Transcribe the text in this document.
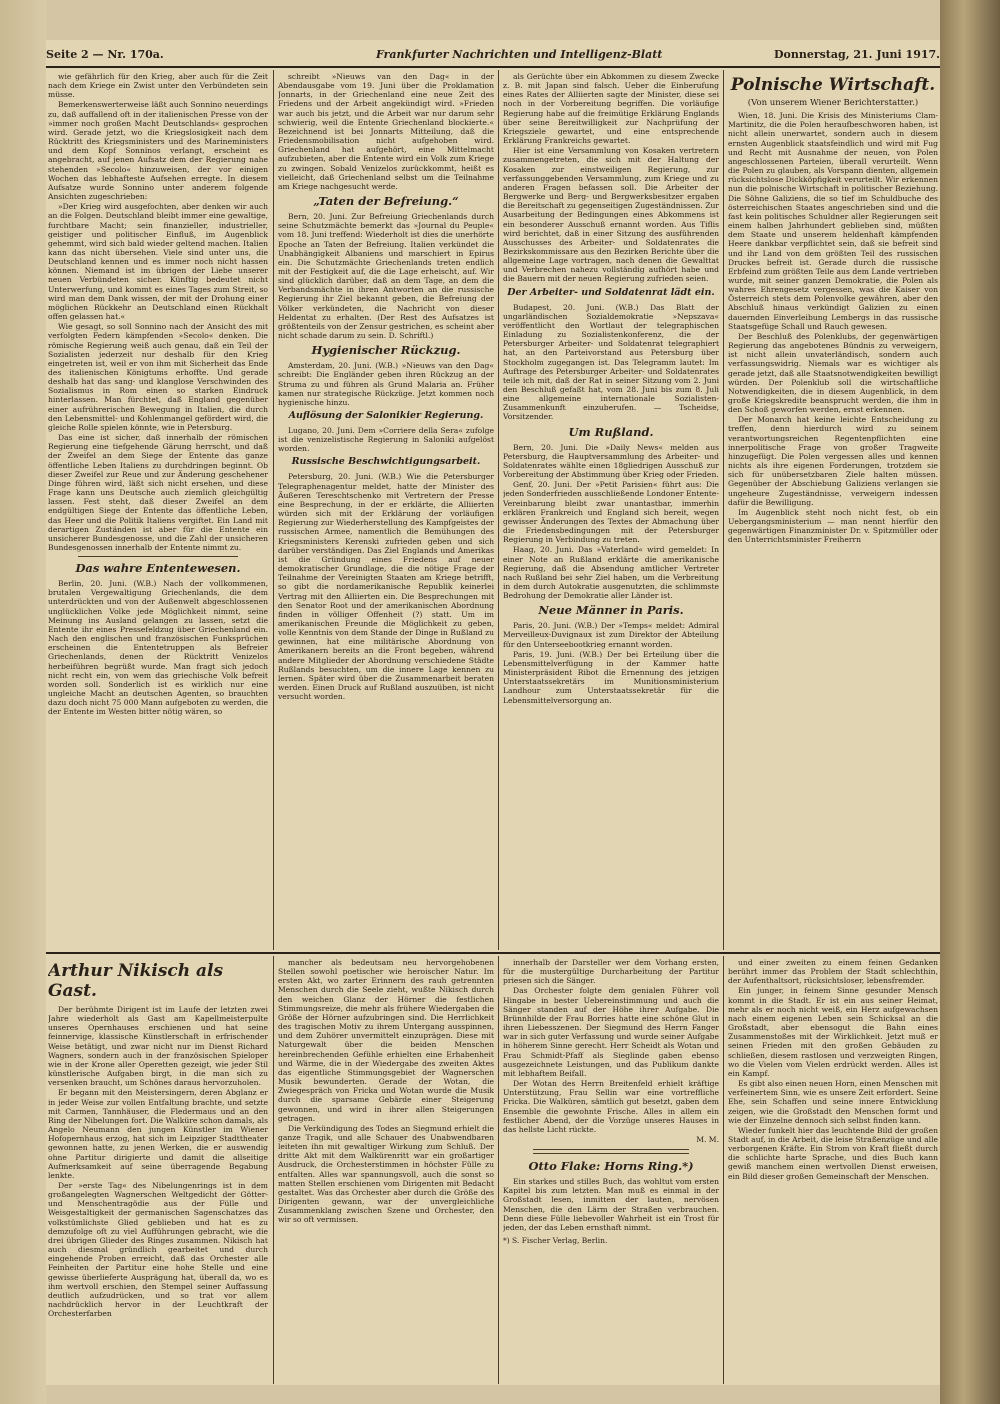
Seite 2 — Nr. 170a.	Frankfurter Nachrichten und Intelligenz-Blatt	Donnerstag, 21. Juni 1917.

wie gefährlich für den Krieg, aber auch für die Zeit nach dem Kriege ein Zwist unter den Verbündeten sein müsse.

Bemerkenswerterweise läßt auch Sonnino neuerdings zu, daß auffallend oft in der italienischen Presse von der »immer noch großen Macht Deutschlands« gesprochen wird. Gerade jetzt, wo die Kriegslosigkeit nach dem Rücktritt des Kriegsministers und des Marineministers und dem Kopf Sonninos verlangt, erscheint es angebracht, auf jenen Aufsatz dem der Regierung nahe stehenden »Secolo« hinzuweisen, der vor einigen Wochen das lebhafteste Aufsehen erregte. In diesem Aufsatze wurde Sonnino unter anderem folgende Ansichten zugeschrieben:

»Der Krieg wird ausgefochten, aber denken wir auch an die Folgen. Deutschland bleibt immer eine gewaltige, furchtbare Macht; sein finanzieller, industrieller, geistiger und politischer Einfluß, im Augenblick gehemmt, wird sich bald wieder geltend machen. Italien kann das nicht übersehen. Viele sind unter uns, die Deutschland kennen und es immer noch nicht hassen können. Niemand ist im übrigen der Liebe unserer neuen Verbündeten sicher. Künftig bedeutet nicht Unterwerfung, und kommt es eines Tages zum Streit, so wird man dem Dank wissen, der mit der Drohung einer möglichen Rückkehr an Deutschland einen Rückhalt offen gelassen hat.«

Wie gesagt, so soll Sonnino nach der Ansicht des mit verfolgten Federn kämpfenden »Secolo« denken. Die römische Regierung weiß auch genau, daß ein Teil der Sozialisten jederzeit nur deshalb für den Krieg eingetreten ist, weil er von ihm mit Sicherheit das Ende des italienischen Königtums erhoffte. Und gerade deshalb hat das sang- und klanglose Verschwinden des Sozialismus in Rom einen so starken Eindruck hinterlassen. Man fürchtet, daß England gegenüber einer aufrührerischen Bewegung in Italien, die durch den Lebensmittel- und Kohlenmangel gefördert wird, die gleiche Rolle spielen könnte, wie in Petersburg.

Das eine ist sicher, daß innerhalb der römischen Regierung eine tiefgehende Gärung herrscht, und daß der Zweifel an dem Siege der Entente das ganze öffentliche Leben Italiens zu durchdringen beginnt. Ob dieser Zweifel zur Reue und zur Änderung geschehener Dinge führen wird, läßt sich nicht ersehen, und diese Frage kann uns Deutsche auch ziemlich gleichgültig lassen. Fest steht, daß dieser Zweifel an dem endgültigen Siege der Entente das öffentliche Leben, das Heer und die Politik Italiens vergiftet. Ein Land mit derartigen Zuständen ist aber für die Entente ein unsicherer Bundesgenosse, und die Zahl der unsicheren Bundesgenossen innerhalb der Entente nimmt zu.

Das wahre Ententewesen.

Berlin, 20. Juni. (W.B.) Nach der vollkommenen, brutalen Vergewaltigung Griechenlands, die dem unterdrückten und von der Außenwelt abgeschlossenen unglücklichen Volke jede Möglichkeit nimmt, seine Meinung ins Ausland gelangen zu lassen, setzt die Entente ihr eines Pressefeldzug über Griechenland ein. Nach den englischen und französischen Funksprüchen erscheinen die Ententetruppen als Befreier Griechenlands, denen der Rücktritt Venizelos herbeiführen begrüßt wurde. Man fragt sich jedoch nicht recht ein, von wem das griechische Volk befreit worden soll. Sonderlich ist es wirklich nur eine ungleiche Macht an deutschen Agenten, so brauchten dazu doch nicht 75 000 Mann aufgeboten zu werden, die der Entente im Westen bitter nötig wären, so

schreibt »Nieuws van den Dag« in der Abendausgabe vom 19. Juni über die Proklamation Jonnarts, in der Griechenland eine neue Zeit des Friedens und der Arbeit angekündigt wird. »Frieden war auch bis jetzt, und die Arbeit war nur darum sehr schwierig, weil die Entente Griechenland blockierte.« Bezeichnend ist bei Jonnarts Mitteilung, daß die Friedensmobilisation nicht aufgehoben wird. Griechenland hat aufgehört, eine Mittelmacht aufzubieten, aber die Entente wird ein Volk zum Kriege zu zwingen. Sobald Venizelos zurückkommt, heißt es vielleicht, daß Griechenland selbst um die Teilnahme am Kriege nachgesucht werde.

„Taten der Befreiung.“

Bern, 20. Juni. Zur Befreiung Griechenlands durch seine Schutzmächte bemerkt das »Journal du Peuple« vom 18. Juni treffend: Wiederholt ist dies die unerhörte Epoche an Taten der Befreiung. Italien verkündet die Unabhängigkeit Albaniens und marschiert in Epirus ein. Die Schutzmächte Griechenlands treten endlich mit der Festigkeit auf, die die Lage erheischt, auf. Wir sind glücklich darüber, daß an dem Tage, an dem die Verbandsmächte in ihren Antworten an die russische Regierung ihr Ziel bekannt geben, die Befreiung der Völker verkündeten, die Nachricht von dieser Heldentat zu erhalten. (Der Rest des Aufsatzes ist größtenteils von der Zensur gestrichen, es scheint aber nicht schade darum zu sein. D. Schriftl.)

Hygienischer Rückzug.

Amsterdam, 20. Juni. (W.B.) »Nieuws van den Dag« schreibt: Die Engländer geben ihren Rückzug an der Struma zu und führen als Grund Malaria an. Früher kamen nur strategische Rückzüge. Jetzt kommen noch hygienische hinzu.

Auflösung der Salonikier Regierung.

Lugano, 20. Juni. Dem »Corriere della Sera« zufolge ist die venizelistische Regierung in Saloniki aufgelöst worden.

Russische Beschwichtigungsarbeit.

Petersburg, 20. Juni. (W.B.) Wie die Petersburger Telegraphenagentur meldet, hatte der Minister des Äußeren Tereschtschenko mit Vertretern der Presse eine Besprechung, in der er erklärte, die Alliierten würden sich mit der Erklärung der vorläufigen Regierung zur Wiederherstellung des Kampfgeistes der russischen Armee, namentlich die Bemühungen des Kriegsministers Kerenski zufrieden geben und sich darüber verständigen. Das Ziel Englands und Amerikas ist die Gründung eines Friedens auf neuer demokratischer Grundlage, die die nötige Frage der Teilnahme der Vereinigten Staaten am Kriege betrifft, so gibt die nordamerikanische Republik keinerlei Vertrag mit den Alliierten ein. Die Besprechungen mit den Senator Root und der amerikanischen Abordnung finden in völliger Offenheit (?) statt. Um im amerikanischen Freunde die Möglichkeit zu geben, volle Kenntnis von dem Stande der Dinge in Rußland zu gewinnen, hat eine militärische Abordnung von Amerikanern bereits an die Front begeben, während andere Mitglieder der Abordnung verschiedene Städte Rußlands besuchten, um die innere Lage kennen zu lernen. Später wird über die Zusammenarbeit beraten werden. Einen Druck auf Rußland auszuüben, ist nicht versucht worden.

als Gerüchte über ein Abkommen zu diesem Zwecke z. B. mit Japan sind falsch. Ueber die Einberufung eines Rates der Alliierten sagte der Minister, diese sei noch in der Vorbereitung begriffen. Die vorläufige Regierung habe auf die freimütige Erklärung Englands über seine Bereitwilligkeit zur Nachprüfung der Kriegsziele gewartet, und eine entsprechende Erklärung Frankreichs gewartet.

Hier ist eine Versammlung von Kosaken vertretern zusammengetreten, die sich mit der Haltung der Kosaken zur einstweiligen Regierung, zur verfassunggebenden Versammlung, zum Kriege und zu anderen Fragen befassen soll. Die Arbeiter der Bergwerke und Berg- und Bergwerksbesitzer ergaben die Bereitschaft zu gegenseitigen Zugeständnissen. Zur Ausarbeitung der Bedingungen eines Abkommens ist ein besonderer Ausschuß ernannt worden. Aus Tiflis wird berichtet, daß in einer Sitzung des ausführenden Ausschusses des Arbeiter- und Soldatenrates die Bezirkskommissare aus den Bezirken Berichte über die allgemeine Lage vortragen, nach denen die Gewalttat und Verbrechen nahezu vollständig aufhört habe und die Bauern mit der neuen Regierung zufrieden seien.

Der Arbeiter- und Soldatenrat lädt ein.

Budapest, 20. Juni. (W.B.) Das Blatt der ungarländischen Sozialdemokratie »Nepszava« veröffentlicht den Wortlaut der telegraphischen Einladung zu Sozialistenkonferenz, die der Petersburger Arbeiter- und Soldatenrat telegraphiert hat, an den Parteivorstand aus Petersburg über Stockholm zugegangen ist. Das Telegramm lautet: Im Auftrage des Petersburger Arbeiter- und Soldatenrates teile ich mit, daß der Rat in seiner Sitzung vom 2. Juni den Beschluß gefaßt hat, vom 28. Juni bis zum 8. Juli eine allgemeine internationale Sozialisten-Zusammenkunft einzuberufen. — Tscheidse, Vorsitzender.

Um Rußland.

Bern, 20. Juni. Die »Daily News« melden aus Petersburg, die Hauptversammlung des Arbeiter- und Soldatenrates wählte einen 18gliedrigen Ausschuß zur Vorbereitung der Abstimmung über Krieg oder Frieden.

Genf, 20. Juni. Der »Petit Parisien« führt aus: Die jeden Sonderfrieden ausschließende Londoner Entente-Vereinbarung bleibt zwar unantastbar, immerhin erklären Frankreich und England sich bereit, wegen gewisser Änderungen des Textes der Abmachung über die Friedensbedingungen mit der Petersburger Regierung in Verbindung zu treten.

Haag, 20. Juni. Das »Vaterland« wird gemeldet: In einer Note an Rußland erklärte die amerikanische Regierung, daß die Absendung amtlicher Vertreter nach Rußland bei sehr Ziel haben, um die Verbreitung in dem durch Autokratie ausgenutzten, die schlimmste Bedrohung der Demokratie aller Länder ist.

Neue Männer in Paris.

Paris, 20. Juni. (W.B.) Der »Temps« meldet: Admiral Merveilleux-Duvignaux ist zum Direktor der Abteilung für den Unterseebootkrieg ernannt worden.

Paris, 19. Juni. (W.B.) Der bei Erteilung über die Lebensmittelverfügung in der Kammer hatte Ministerpräsident Ribot die Ernennung des jetzigen Unterstaatssekretärs im Munitionsministerium Landhour zum Unterstaatssekretär für die Lebensmittelversorgung an.

Polnische Wirtschaft.
(Von unserem Wiener Berichterstatter.)

Wien, 18. Juni. Die Krisis des Ministeriums Clam-Martinitz, die die Polen heraufbeschworen haben, ist nicht allein unerwartet, sondern auch in diesem ernsten Augenblick staatsfeindlich und wird mit Fug und Recht mit Ausnahme der neuen, von Polen angeschlossenen Parteien, überall verurteilt. Wenn die Polen zu glauben, als Vorspann dienten, allgemein rücksichtslose Dickköpfigkeit verurteilt. Wir erkennen nun die polnische Wirtschaft in politischer Beziehung. Die Söhne Galiziens, die so tief im Schuldbuche des österreichischen Staates angeschrieben sind und die fast kein politisches Schuldner aller Regierungen seit einem halben Jahrhundert geblieben sind, müßten dem Staate und unserem heldenhaft kämpfenden Heere dankbar verpflichtet sein, daß sie befreit sind und ihr Land von dem größten Teil des russischen Druckes befreit ist. Gerade durch die russische Erbfeind zum größten Teile aus dem Lande vertrieben wurde, mit seiner ganzen Demokratie, die Polen als wahres Ehrengesetz vergessen, was die Kaiser von Österreich stets dem Polenvolke gewähren, aber den Abschluß hinaus verkündigt Galizien zu einen dauernden Einverleibung Lembergs in das russische Staatsgefüge Schall und Rauch gewesen.

Der Beschluß des Polenklubs, der gegenwärtigen Regierung das angebotenes Bündnis zu verweigern, ist nicht allein unvaterländisch, sondern auch verfassungswidrig. Niemals war es wichtiger als gerade jetzt, daß alle Staatsnotwendigkeiten bewilligt würden. Der Polenklub soll die wirtschaftliche Notwendigkeiten, die in diesem Augenblick, in dem große Kriegskredite beansprucht werden, die ihm in den Schoß geworfen werden, ernst erkennen.

Der Monarch hat keine leichte Entscheidung zu treffen, denn hierdurch wird zu seinem verantwortungsreichen Regentenpflichten eine innerpolitische Frage von großer Tragweite hinzugefügt. Die Polen vergessen alles und kennen nichts als ihre eigenen Forderungen, trotzdem sie sich für unübersetzbaren Ziele halten müssen. Gegenüber der Abschiebung Galiziens verlangen sie ungeheure Zugeständnisse, verweigern indessen dafür die Bewilligung.

Im Augenblick steht noch nicht fest, ob ein Uebergangsministerium — man nennt hierfür den gegenwärtigen Finanzminister Dr. v. Spitzmüller oder den Unterrichtsminister Freiherrn

Arthur Nikisch als Gast.

Der berühmte Dirigent ist im Laufe der letzten zwei Jahre wiederholt als Gast am Kapellmeisterpulte unseres Opernhauses erschienen und hat seine feinnervige, klassische Künstlerschaft in erfrischender Weise betätigt, und zwar nicht nur im Dienst Richard Wagners, sondern auch in der französischen Spieloper wie in der Krone aller Operetten gezeigt, wie jeder Stil künstlerische Aufgaben birgt, in die man sich zu versenken braucht, um Schönes daraus hervorzuholen.

Er begann mit den Meistersingern, deren Abglanz er in jeder Weise zur vollen Entfaltung brachte, und setzte mit Carmen, Tannhäuser, die Fledermaus und an den Ring der Nibelungen fort. Die Walküre schon damals, als Angelo Neumann den jungen Künstler im Wiener Hofopernhaus erzog, hat sich im Leipziger Stadttheater gewonnen hatte, zu jenen Werken, die er auswendig ohne Partitur dirigierte und damit die allseitige Aufmerksamkeit auf seine überragende Begabung lenkte.

Der »erste Tag« des Nibelungenrings ist in dem großangelegten Wagnerschen Weltgedicht der Götter- und Menschentragödie aus der Fülle und Weisgestaltigkeit der germanischen Sagenschatzes das volkstümlichste Glied geblieben und hat es zu demzufolge oft zu viel Aufführungen gebracht, wie die drei übrigen Glieder des Ringes zusammen. Nikisch hat auch diesmal gründlich gearbeitet und durch eingehende Proben erreicht, daß das Orchester alle Feinheiten der Partitur eine hohe Stelle und eine gewisse überlieferte Ausprägung hat, überall da, wo es ihm wertvoll erschien, den Stempel seiner Auffassung deutlich aufzudrücken, und so trat vor allem nachdrücklich hervor in der Leuchtkraft der Orchesterfarben

mancher als bedeutsam neu hervorgehobenen Stellen sowohl poetischer wie heroischer Natur. Im ersten Akt, wo zarter Erinnern des rauh getrennten Menschen durch die Seele zieht, wußte Nikisch durch den weichen Glanz der Hörner die festlichen Stimmungsreize, die mehr als frühere Wiedergaben die Größe der Hörner aufzubringen sind. Die Herrlichkeit des tragischen Motiv zu ihrem Untergang ausspinnen, und dem Zuhörer unvermittelt einzuprägen. Diese mit Naturgewalt über die beiden Menschen hereinbrechenden Gefühle erhielten eine Erhabenheit und Wärme, die in der Wiedergabe des zweiten Aktes das eigentliche Stimmungsgebiet der Wagnerschen Musik bewunderten. Gerade der Wotan, die Zwiegespräch von Fricka und Wotan wurde die Musik durch die sparsame Gebärde einer Steigerung gewonnen, und wird in ihrer allen Steigerungen getragen.

Die Verkündigung des Todes an Siegmund erhielt die ganze Tragik, und alle Schauer des Unabwendbaren leiteten ihn mit gewaltiger Wirkung zum Schluß. Der dritte Akt mit dem Walkürenritt war ein großartiger Ausdruck, die Orchesterstimmen in höchster Fülle zu entfalten. Alles war spannungsvoll, auch die sonst so matten Stellen erschienen vom Dirigenten mit Bedacht gestaltet. Was das Orchester aber durch die Größe des Dirigenten gewann, war der unvergleichliche Zusammenklang zwischen Szene und Orchester, den wir so oft vermissen.

innerhalb der Darsteller wer dem Vorhang ersten, für die mustergültige Durcharbeitung der Partitur priesen sich die Sänger.

Das Orchester folgte dem genialen Führer voll Hingabe in bester Uebereinstimmung und auch die Sänger standen auf der Höhe ihrer Aufgabe. Die Brünnhilde der Frau Borries hatte eine schöne Glut in ihren Liebesszenen. Der Siegmund des Herrn Fanger war in sich guter Verfassung und wurde seiner Aufgabe in höherem Sinne gerecht. Herr Scheidt als Wotan und Frau Schmidt-Pfaff als Sieglinde gaben ebenso ausgezeichnete Leistungen, und das Publikum dankte mit lebhaftem Beifall.

Der Wotan des Herrn Breitenfeld erhielt kräftige Unterstützung, Frau Sellin war eine vortreffliche Fricka. Die Walküren, sämtlich gut besetzt, gaben dem Ensemble die gewohnte Frische. Alles in allem ein festlicher Abend, der die Vorzüge unseres Hauses in das hellste Licht rückte.

M. M.
Otto Flake: Horns Ring.*)

Ein starkes und stilles Buch, das wohltut vom ersten Kapitel bis zum letzten. Man muß es einmal in der Großstadt lesen, inmitten der lauten, nervösen Menschen, die den Lärm der Straßen verbrauchen. Denn diese Fülle liebevoller Wahrheit ist ein Trost für jeden, der das Leben ernsthaft nimmt.

*) S. Fischer Verlag, Berlin.

und einer zweiten zu einem feinen Gedanken berührt immer das Problem der Stadt schlechthin, der Aufenthaltsort, rücksichtsloser, lebensfremder.

Ein junger, in feinem Sinne gesunder Mensch kommt in die Stadt. Er ist ein aus seiner Heimat, mehr als er noch nicht weiß, ein Herz aufgewachsen nach einem eigenen Leben sein Schicksal an die Großstadt, aber ebensogut die Bahn eines Zusammenstoßes mit der Wirklichkeit. Jetzt muß er seinen Frieden mit den großen Gebäuden zu schließen, diesem rastlosen und verzweigten Ringen, wo die Vielen vom Vielen erdrückt werden. Alles ist ein Kampf.

Es gibt also einen neuen Horn, einen Menschen mit verfeinertem Sinn, wie es unsere Zeit erfordert. Seine Ehe, sein Schaffen und seine innere Entwicklung zeigen, wie die Großstadt den Menschen formt und wie der Einzelne dennoch sich selbst finden kann.

Wieder funkelt hier das leuchtende Bild der großen Stadt auf, in die Arbeit, die leise Straßenzüge und alle verborgenen Kräfte. Ein Strom von Kraft fließt durch die schlichte harte Sprache, und dies Buch kann gewiß manchem einen wertvollen Dienst erweisen, ein Bild dieser großen Gemeinschaft der Menschen.
